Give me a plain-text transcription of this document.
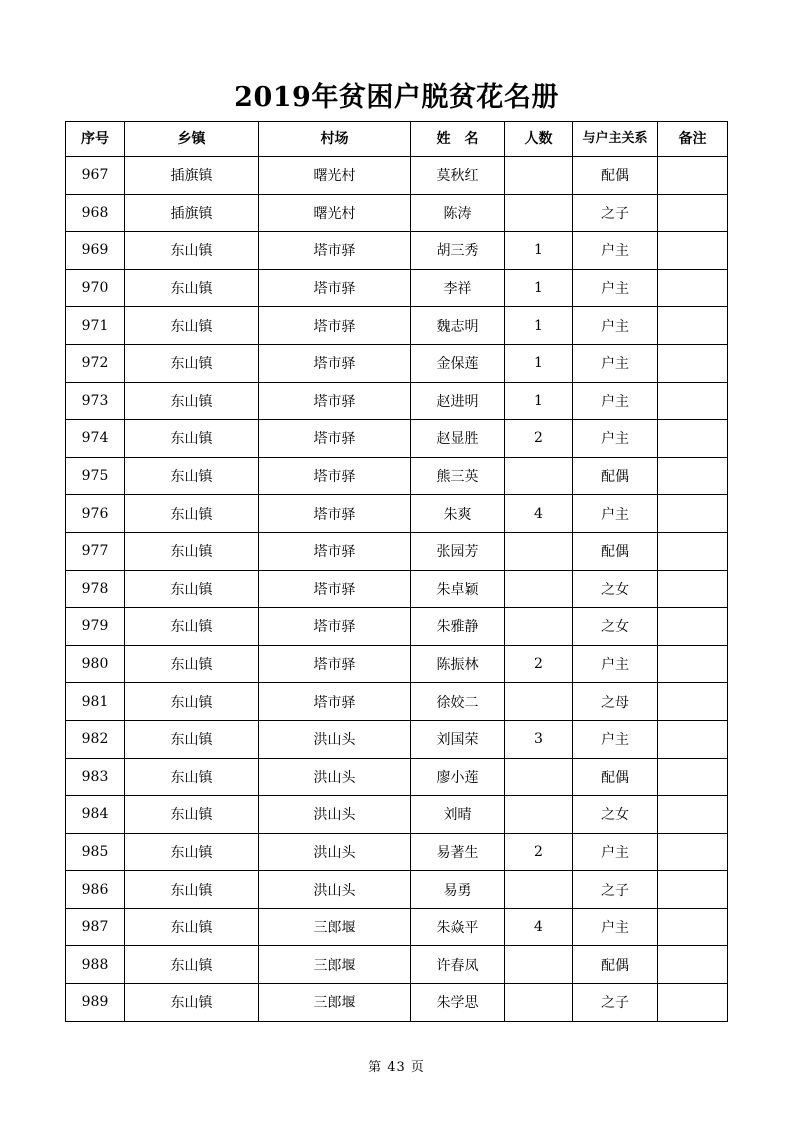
2019年贫困户脱贫花名册
序号	乡镇	村场	姓　名	人数	与户主关系	备注
967	插旗镇	曙光村	莫秋红		配偶	
968	插旗镇	曙光村	陈涛		之子	
969	东山镇	塔市驿	胡三秀	1	户主	
970	东山镇	塔市驿	李祥	1	户主	
971	东山镇	塔市驿	魏志明	1	户主	
972	东山镇	塔市驿	金保莲	1	户主	
973	东山镇	塔市驿	赵进明	1	户主	
974	东山镇	塔市驿	赵显胜	2	户主	
975	东山镇	塔市驿	熊三英		配偶	
976	东山镇	塔市驿	朱爽	4	户主	
977	东山镇	塔市驿	张园芳		配偶	
978	东山镇	塔市驿	朱卓颖		之女	
979	东山镇	塔市驿	朱雅静		之女	
980	东山镇	塔市驿	陈振林	2	户主	
981	东山镇	塔市驿	徐姣二		之母	
982	东山镇	洪山头	刘国荣	3	户主	
983	东山镇	洪山头	廖小莲		配偶	
984	东山镇	洪山头	刘晴		之女	
985	东山镇	洪山头	易著生	2	户主	
986	东山镇	洪山头	易勇		之子	
987	东山镇	三郎堰	朱焱平	4	户主	
988	东山镇	三郎堰	许春凤		配偶	
989	东山镇	三郎堰	朱学思		之子	
第 43 页
